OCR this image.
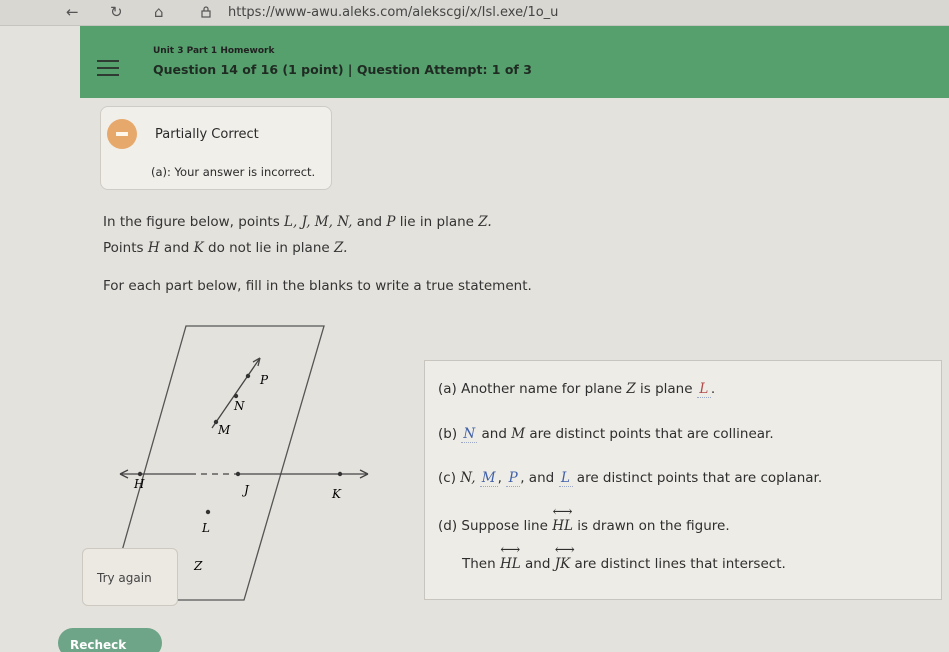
← ↻ ⌂	https://www-awu.aleks.com/alekscgi/x/Isl.exe/1o_u
Unit 3 Part 1 Homework
Question 14 of 16 (1 point) | Question Attempt: 1 of 3
Partially Correct
(a): Your answer is incorrect.
In the figure below, points L, J, M, N, and P lie in plane Z.
Points H and K do not lie in plane Z.
For each part below, fill in the blanks to write a true statement.
P
N
M
H	J	K
L
Z
(a) Another name for plane Z is plane L .
(b) N and M are distinct points that are collinear.
(c) N, M , P , and L are distinct points that are coplanar.
(d) Suppose line ⟷ HL is drawn on the figure.
Then ⟷ HL and ⟷ JK are distinct lines that intersect.
Try again
Recheck
